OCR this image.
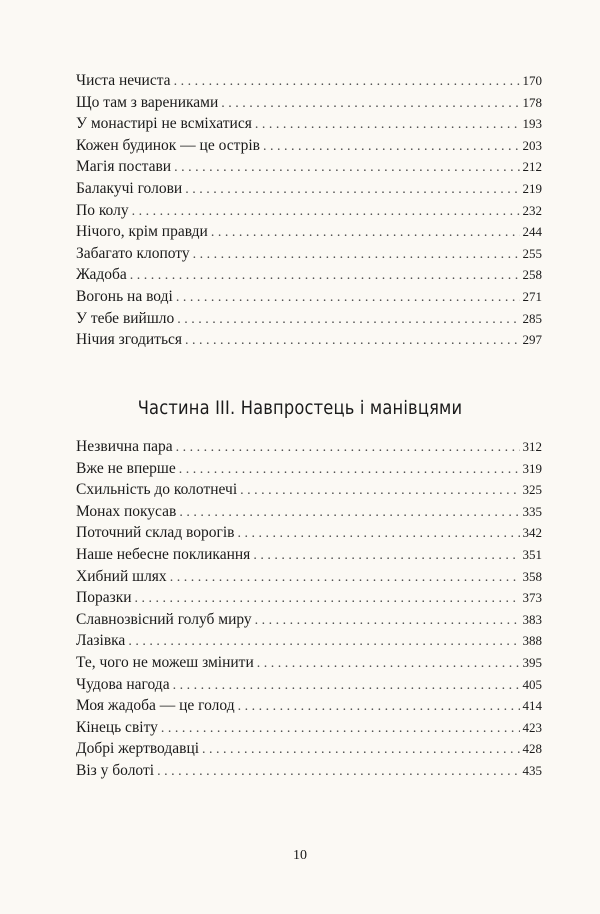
Чиста нечиста . . .	170
Що там з варениками . . .	178
У монастирі не всміхатися . . .	193
Кожен будинок — це острів . . .	203
Магія постави . . .	212
Балакучі голови . . .	219
По колу . . .	232
Нічого, крім правди . . .	244
Забагато клопоту . . .	255
Жадоба . . .	258
Вогонь на воді . . .	271
У тебе вийшло . . .	285
Нічия згодиться . . .	297
Частина III. Навпростець і манівцями
Незвична пара . . .	312
Вже не вперше . . .	319
Схильність до колотнечі . . .	325
Монах покусав . . .	335
Поточний склад ворогів . . .	342
Наше небесне покликання . . .	351
Хибний шлях . . .	358
Поразки . . .	373
Славнозвісний голуб миру . . .	383
Лазівка . . .	388
Те, чого не можеш змінити . . .	395
Чудова нагода . . .	405
Моя жадоба — це голод . . .	414
Кінець світу . . .	423
Добрі жертводавці . . .	428
Віз у болоті . . .	435
10
